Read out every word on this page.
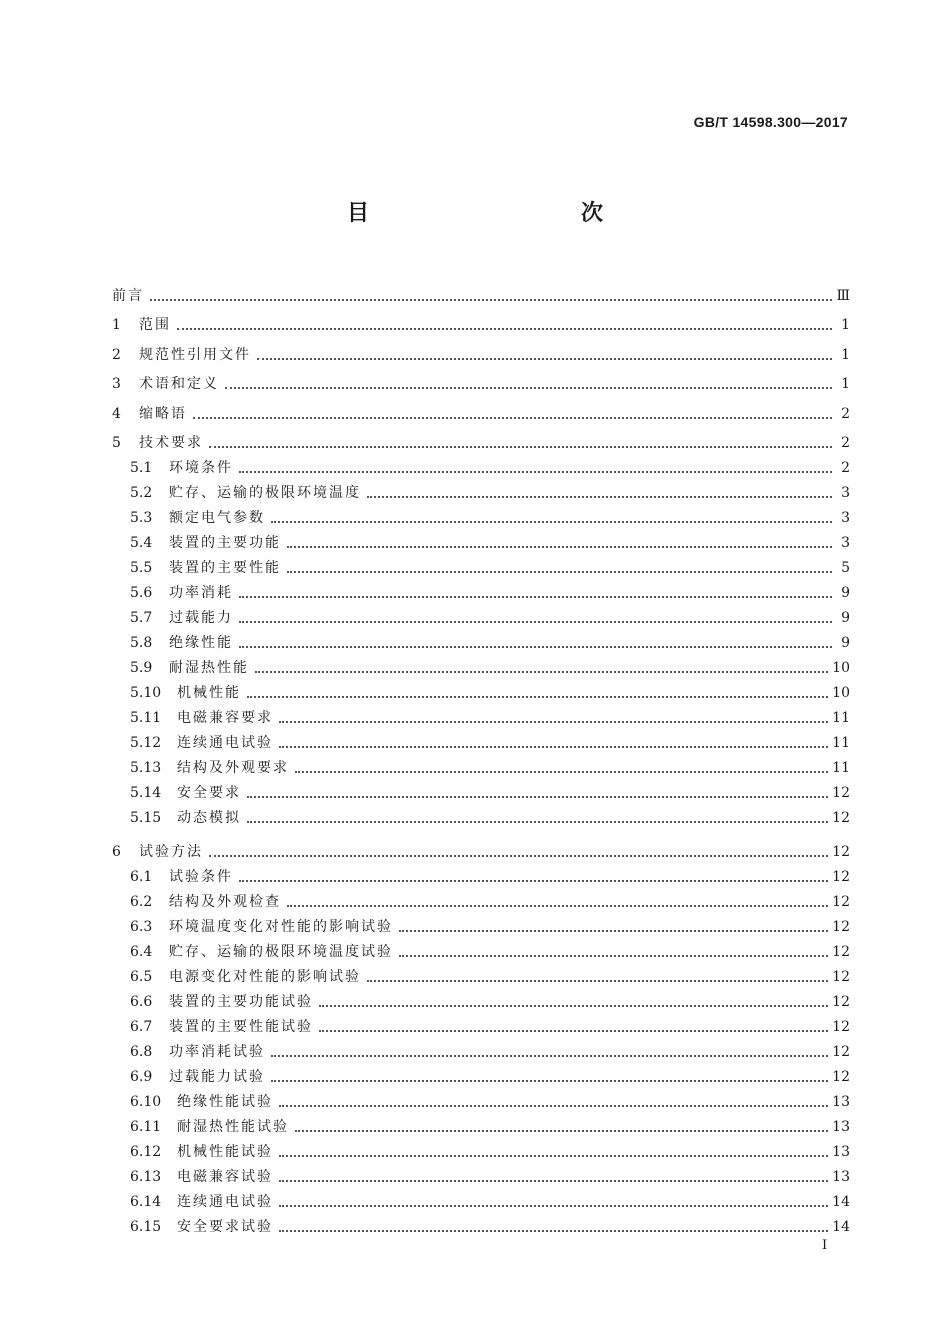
GB/T 14598.300—2017
目　　次
前言	Ⅲ
1	范围	1
2	规范性引用文件	1
3	术语和定义	1
4	缩略语	2
5	技术要求	2
5.1	环境条件	2
5.2	贮存、运输的极限环境温度	3
5.3	额定电气参数	3
5.4	装置的主要功能	3
5.5	装置的主要性能	5
5.6	功率消耗	9
5.7	过载能力	9
5.8	绝缘性能	9
5.9	耐湿热性能	10
5.10	机械性能	10
5.11	电磁兼容要求	11
5.12	连续通电试验	11
5.13	结构及外观要求	11
5.14	安全要求	12
5.15	动态模拟	12
6	试验方法	12
6.1	试验条件	12
6.2	结构及外观检查	12
6.3	环境温度变化对性能的影响试验	12
6.4	贮存、运输的极限环境温度试验	12
6.5	电源变化对性能的影响试验	12
6.6	装置的主要功能试验	12
6.7	装置的主要性能试验	12
6.8	功率消耗试验	12
6.9	过载能力试验	12
6.10	绝缘性能试验	13
6.11	耐湿热性能试验	13
6.12	机械性能试验	13
6.13	电磁兼容试验	13
6.14	连续通电试验	14
6.15	安全要求试验	14
I
